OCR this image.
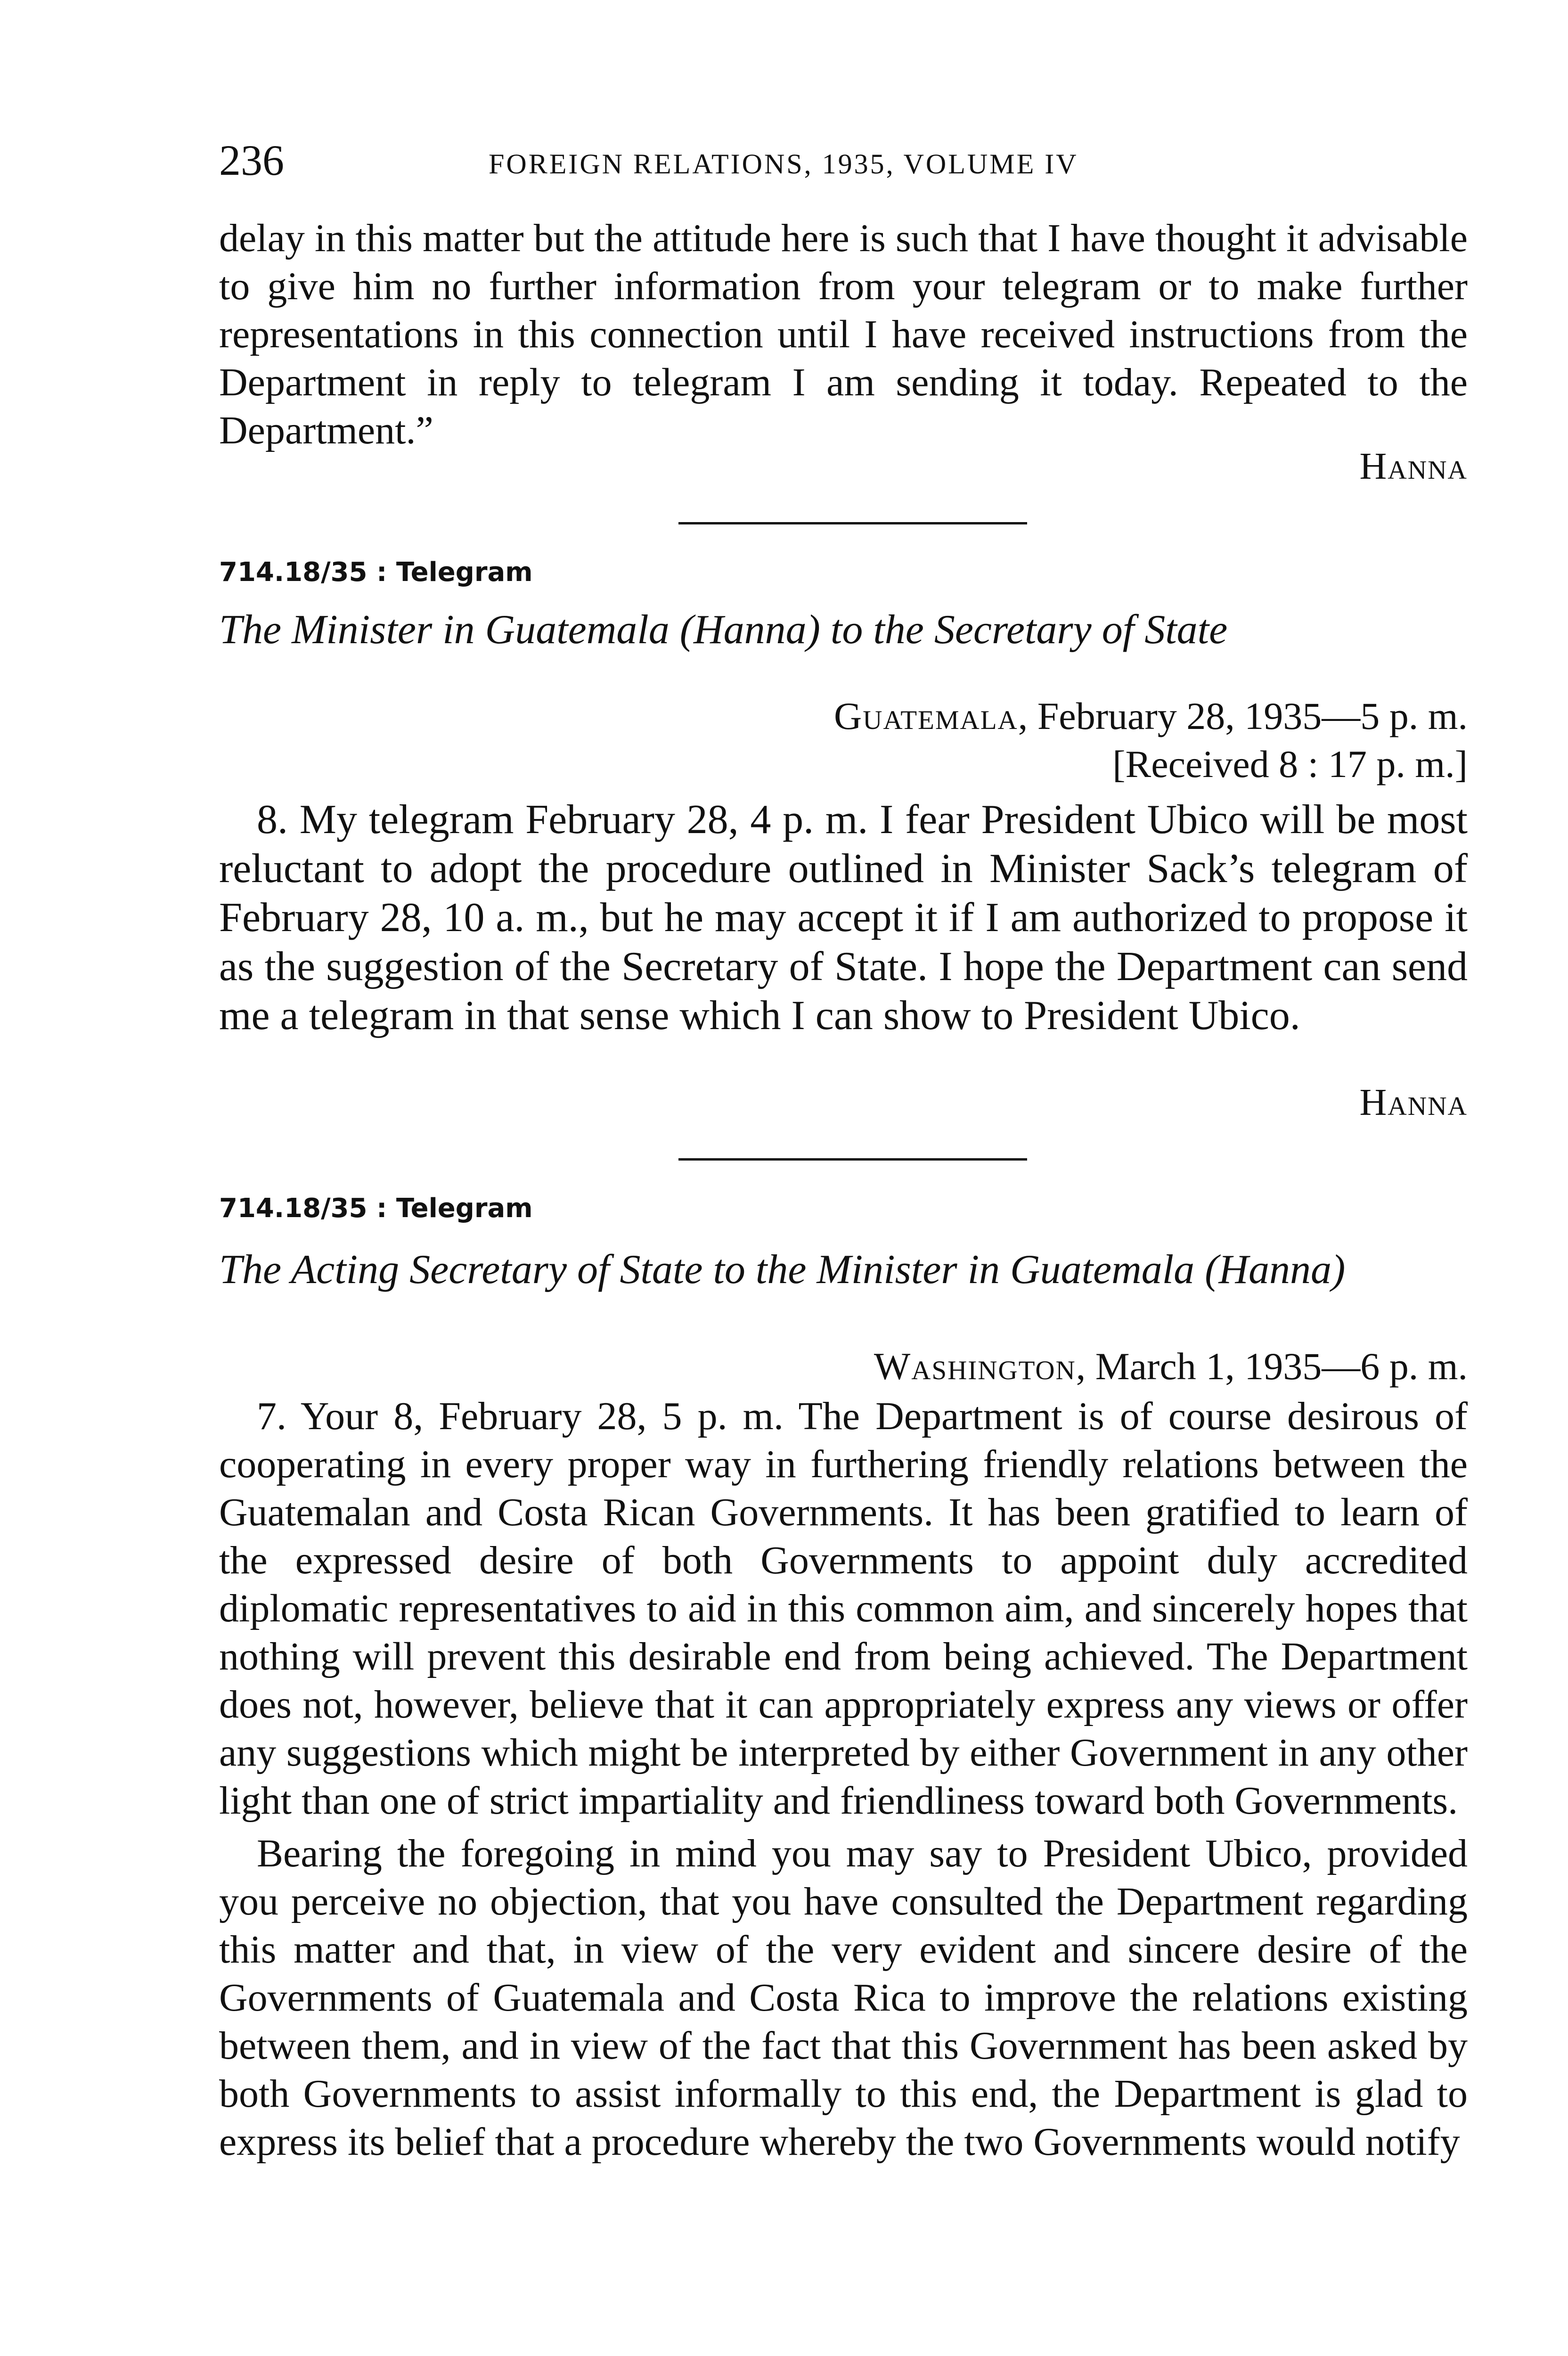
236	FOREIGN RELATIONS, 1935, VOLUME IV

delay in this matter but the attitude here is such that I have thought it advisable to give him no further information from your telegram or to make further representations in this connection until I have received instructions from the Department in reply to telegram I am sending it today. Repeated to the Department.”

Hanna
714.18/35 : Telegram
The Minister in Guatemala (Hanna) to the Secretary of State
Guatemala, February 28, 1935—5 p. m.
[Received 8 : 17 p. m.]

8. My telegram February 28, 4 p. m. I fear President Ubico will be most reluctant to adopt the procedure outlined in Minister Sack’s telegram of February 28, 10 a. m., but he may accept it if I am authorized to propose it as the suggestion of the Secretary of State. I hope the Department can send me a telegram in that sense which I can show to President Ubico.

Hanna
714.18/35 : Telegram
The Acting Secretary of State to the Minister in Guatemala (Hanna)
Washington, March 1, 1935—6 p. m.

7. Your 8, February 28, 5 p. m. The Department is of course desirous of cooperating in every proper way in furthering friendly relations between the Guatemalan and Costa Rican Governments. It has been gratified to learn of the expressed desire of both Governments to appoint duly accredited diplomatic representatives to aid in this common aim, and sincerely hopes that nothing will prevent this desirable end from being achieved. The Department does not, however, believe that it can appropriately express any views or offer any suggestions which might be interpreted by either Government in any other light than one of strict impartiality and friendliness toward both Governments.

Bearing the foregoing in mind you may say to President Ubico, provided you perceive no objection, that you have consulted the Department regarding this matter and that, in view of the very evident and sincere desire of the Governments of Guatemala and Costa Rica to improve the relations existing between them, and in view of the fact that this Government has been asked by both Governments to assist informally to this end, the Department is glad to express its belief that a procedure whereby the two Governments would notify
